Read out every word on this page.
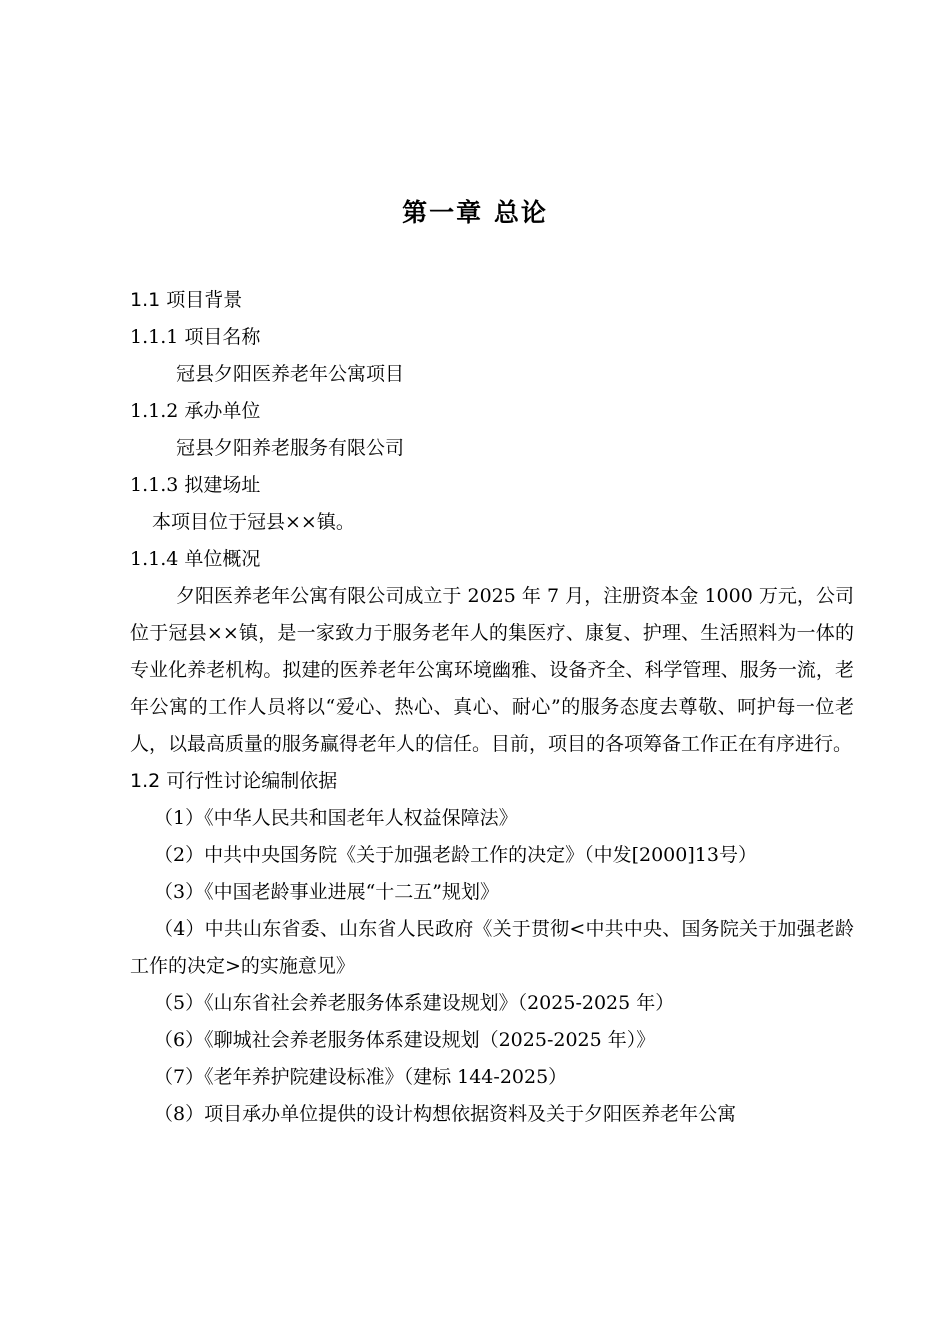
第一章 总论

1.1 项目背景

1.1.1 项目名称

冠县夕阳医养老年公寓项目

1.1.2 承办单位

冠县夕阳养老服务有限公司

1.1.3 拟建场址

本项目位于冠县××镇。

1.1.4 单位概况

夕阳医养老年公寓有限公司成立于 2025 年 7 月，注册资本金 1000 万元，公司位于冠县××镇，是一家致力于服务老年人的集医疗、康复、护理、生活照料为一体的专业化养老机构。拟建的医养老年公寓环境幽雅、设备齐全、科学管理、服务一流，老年公寓的工作人员将以“爱心、热心、真心、耐心”的服务态度去尊敬、呵护每一位老人，以最高质量的服务赢得老年人的信任。目前，项目的各项筹备工作正在有序进行。

1.2 可行性讨论编制依据

（1）《中华人民共和国老年人权益保障法》

（2）中共中央国务院《关于加强老龄工作的决定》（中发[2000]13号）

（3）《中国老龄事业进展“十二五”规划》

（4）中共山东省委、山东省人民政府《关于贯彻<中共中央、国务院关于加强老龄工作的决定>的实施意见》

（5）《山东省社会养老服务体系建设规划》（2025-2025 年）

（6）《聊城社会养老服务体系建设规划（2025-2025 年）》

（7）《老年养护院建设标准》（建标 144-2025）

（8）项目承办单位提供的设计构想依据资料及关于夕阳医养老年公寓
